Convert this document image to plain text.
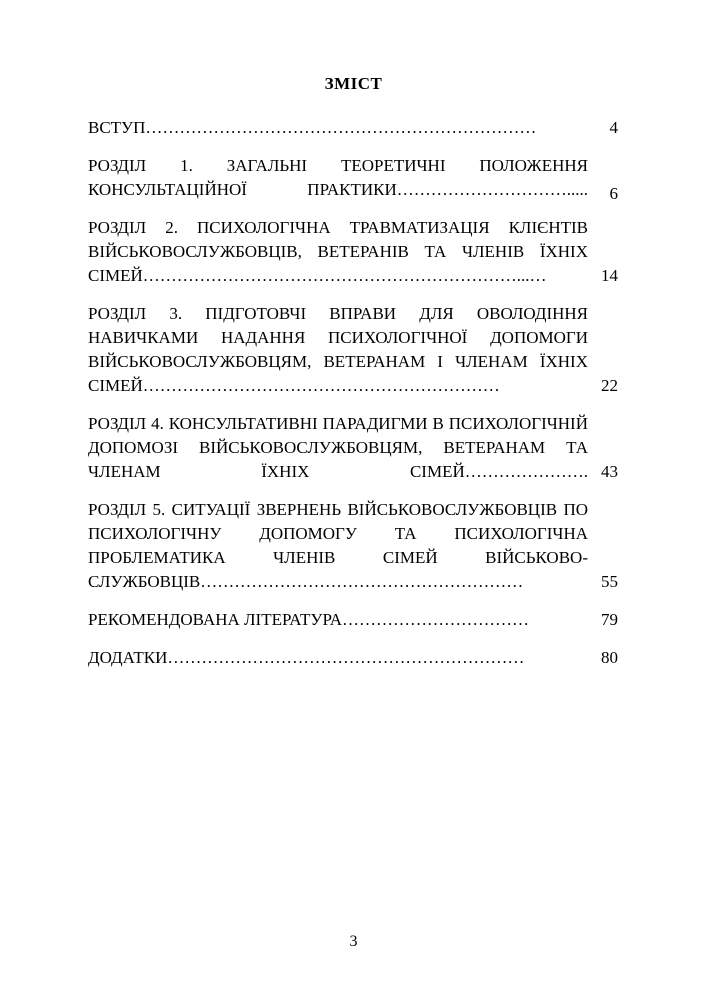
ЗМІСТ
ВСТУП……………………………………………………………	4
РОЗДІЛ 1. ЗАГАЛЬНІ ТЕОРЕТИЧНІ ПОЛОЖЕННЯ КОНСУЛЬТАЦІЙНОЇ ПРАКТИКИ………………………….....	6
РОЗДІЛ 2. ПСИХОЛОГІЧНА ТРАВМАТИЗАЦІЯ КЛІЄНТІВ ВІЙСЬКОВОСЛУЖБОВЦІВ, ВЕТЕРАНІВ ТА ЧЛЕНІВ ЇХНІХ СІМЕЙ…………………………………………………………...…	14
РОЗДІЛ 3. ПІДГОТОВЧІ ВПРАВИ ДЛЯ ОВОЛОДІННЯ НАВИЧКАМИ НАДАННЯ ПСИХОЛОГІЧНОЇ ДОПОМОГИ ВІЙСЬКОВОСЛУЖБОВЦЯМ, ВЕТЕРАНАМ І ЧЛЕНАМ ЇХНІХ СІМЕЙ………………………………………………………	22
РОЗДІЛ 4. КОНСУЛЬТАТИВНІ ПАРАДИГМИ В ПСИХОЛОГІЧНІЙ ДОПОМОЗІ ВІЙСЬКОВОСЛУЖБОВЦЯМ, ВЕТЕРАНАМ ТА ЧЛЕНАМ ЇХНІХ СІМЕЙ…………………. 43
РОЗДІЛ 5. СИТУАЦІЇ ЗВЕРНЕНЬ ВІЙСЬКОВОСЛУЖБОВЦІВ ПО ПСИХОЛОГІЧНУ ДОПОМОГУ ТА ПСИХОЛОГІЧНА ПРОБЛЕМАТИКА ЧЛЕНІВ СІМЕЙ ВІЙСЬКОВО-СЛУЖБОВЦІВ…………………………………………………	55
РЕКОМЕНДОВАНА ЛІТЕРАТУРА……………………………	79
ДОДАТКИ………………………………………………………	80
3
